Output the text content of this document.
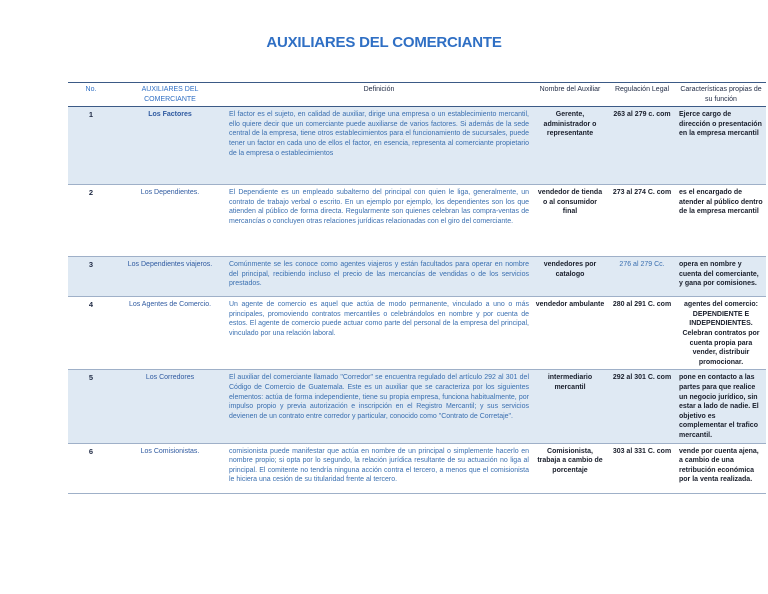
AUXILIARES DEL COMERCIANTE
No.	AUXILIARES DEL COMERCIANTE	Definición	Nombre del Auxiliar	Regulación Legal	Características propias de su función
1	Los Factores	El factor es el sujeto, en calidad de auxiliar, dirige una empresa o un establecimiento mercantil, ello quiere decir que un comerciante puede auxiliarse de varios factores. Si además de la sede central de la empresa, tiene otros establecimientos para el funcionamiento de sucursales, puede tener un factor en cada uno de ellos el factor, en esencia, representa al comerciante propietario de la empresa o establecimientos	Gerente, administrador o representante	263 al 279 c. com	Ejerce cargo de dirección o presentación en la empresa mercantil
2	Los Dependientes.	El Dependiente es un empleado subalterno del principal con quien le liga, generalmente, un contrato de trabajo verbal o escrito. En un ejemplo por ejemplo, los dependientes son los que atienden al público de forma directa. Regularmente son quienes celebran las compra-ventas de mercancías o concluyen otras relaciones jurídicas relacionadas con el giro del comerciante.	vendedor de tienda o al consumidor final	273 al 274 C. com	es el encargado de atender al público dentro de la empresa mercantil
3	Los Dependientes viajeros.	Comúnmente se les conoce como agentes viajeros y están facultados para operar en nombre del principal, recibiendo incluso el precio de las mercancías de vendidas o de los servicios prestados.	vendedores por catalogo	276 al 279 Cc.	opera en nombre y cuenta del comerciante, y gana por comisiones.
4	Los Agentes de Comercio.	Un agente de comercio es aquel que actúa de modo permanente, vinculado a uno o más principales, promoviendo contratos mercantiles o celebrándolos en nombre y por cuenta de estos. El agente de comercio puede actuar como parte del personal de la empresa del principal, vinculado por una relación laboral.	vendedor ambulante	280 al 291 C. com	agentes del comercio: DEPENDIENTE E INDEPENDIENTES. Celebran contratos por cuenta propia para vender, distribuir promocionar.
5	Los Corredores	El auxiliar del comerciante llamado "Corredor" se encuentra regulado del artículo 292 al 301 del Código de Comercio de Guatemala. Este es un auxiliar que se caracteriza por los siguientes elementos: actúa de forma independiente, tiene su propia empresa, funciona habitualmente, por impulso propio y previa autorización e inscripción en el Registro Mercantil; y sus servicios devienen de un contrato entre corredor y particular, conocido como "Contrato de Corretaje".	intermediario mercantil	292 al 301 C. com	pone en contacto a las partes para que realice un negocio jurídico, sin estar a lado de nadie. El objetivo es complementar el trafico mercantil.
6	Los Comisionistas.	comisionista puede manifestar que actúa en nombre de un principal o simplemente hacerlo en nombre propio; si opta por lo segundo, la relación jurídica resultante de su actuación no liga al principal. El comitente no tendría ninguna acción contra el tercero, a menos que el comisionista le hiciera una cesión de su titularidad frente al tercero.	Comisionista, trabaja a cambio de porcentaje	303 al 331 C. com	vende por cuenta ajena, a cambio de una retribución económica por la venta realizada.
